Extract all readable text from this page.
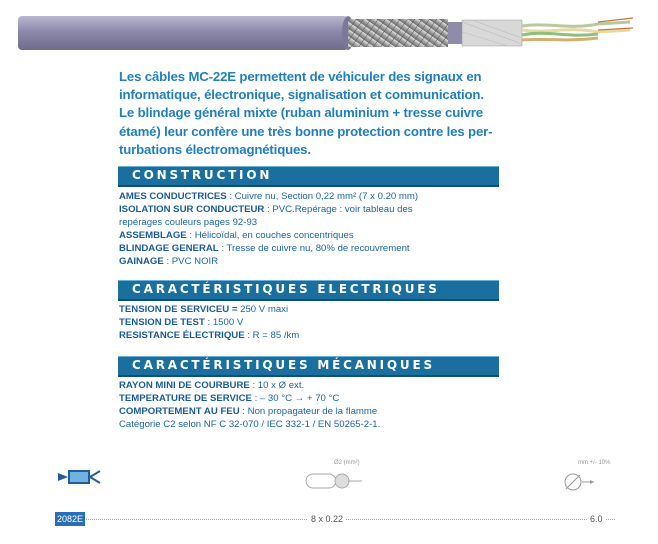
Les câbles MC-22E permettent de véhiculer des signaux en

informatique, électronique, signalisation et communication.

Le blindage général mixte (ruban aluminium + tresse cuivre

étamé) leur confère une très bonne protection contre les per-

turbations électromagnétiques.

CONSTRUCTION
AMES CONDUCTRICES : Cuivre nu, Section 0,22 mm² (7 x 0.20 mm)
ISOLATION SUR CONDUCTEUR : PVC.Repérage : voir tableau des
repérages couleurs pages 92-93
ASSEMBLAGE : Hélicoïdal, en couches concentriques
BLINDAGE GENERAL : Tresse de cuivre nu, 80% de recouvrement
GAINAGE : PVC NOIR
CARACTÉRISTIQUES ELECTRIQUES
TENSION DE SERVICEU = 250 V maxi
TENSION DE TEST : 1500 V
RESISTANCE ÉLECTRIQUE : R = 85 /km
CARACTÉRISTIQUES MÉCANIQUES
RAYON MINI DE COURBURE : 10 x Ø ext.
TEMPERATURE DE SERVICE : – 30 °C → + 70 °C
COMPORTEMENT AU FEU : Non propagateur de la flamme
Catégorie C2 selon NF C 32-070 / IEC 332-1 / EN 50265-2-1.
Ø2 (mm²)	mm +/- 10%
2082E	8 x 0.22	6.0
